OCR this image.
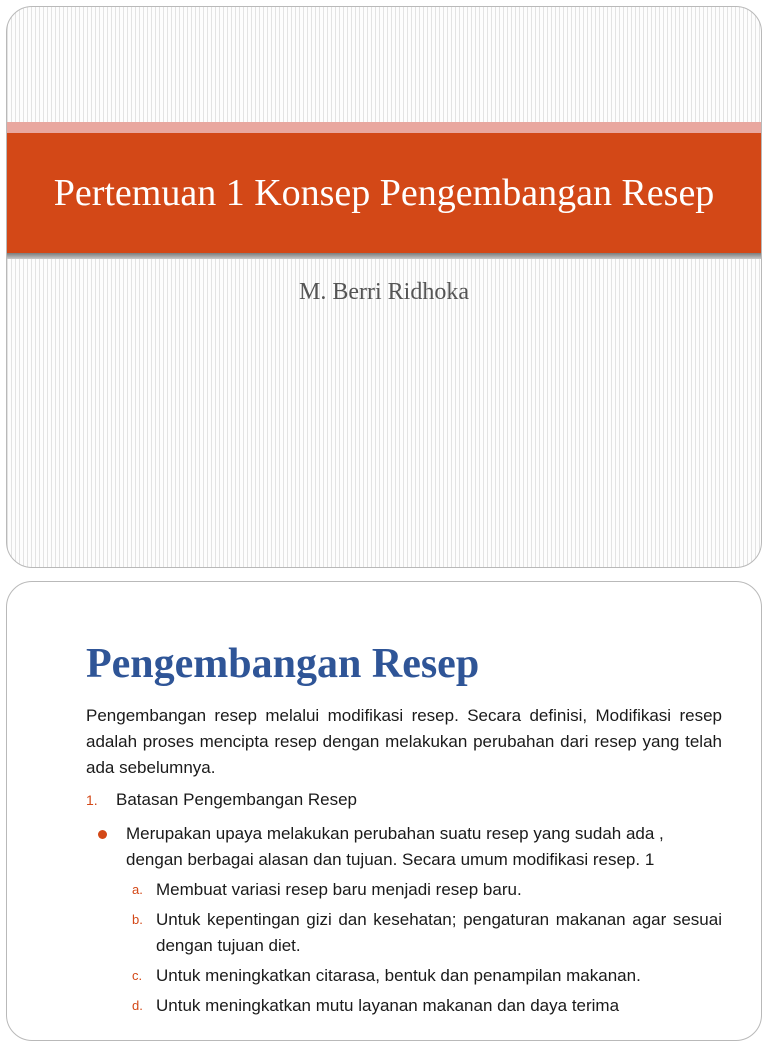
Pertemuan 1 Konsep Pengembangan Resep
M. Berri Ridhoka
Pengembangan Resep

Pengembangan resep melalui modifikasi resep. Secara definisi, Modifikasi resep adalah proses mencipta resep dengan melakukan perubahan dari resep yang telah ada sebelumnya.

1.	Batasan Pengembangan Resep
Merupakan upaya melakukan perubahan suatu resep yang sudah ada , dengan berbagai alasan dan tujuan. Secara umum modifikasi resep. 1
a. Membuat variasi resep baru menjadi resep baru.
b. Untuk kepentingan gizi dan kesehatan; pengaturan makanan agar sesuai dengan tujuan diet.
c. Untuk meningkatkan citarasa, bentuk dan penampilan makanan.
d. Untuk meningkatkan mutu layanan makanan dan daya terima
